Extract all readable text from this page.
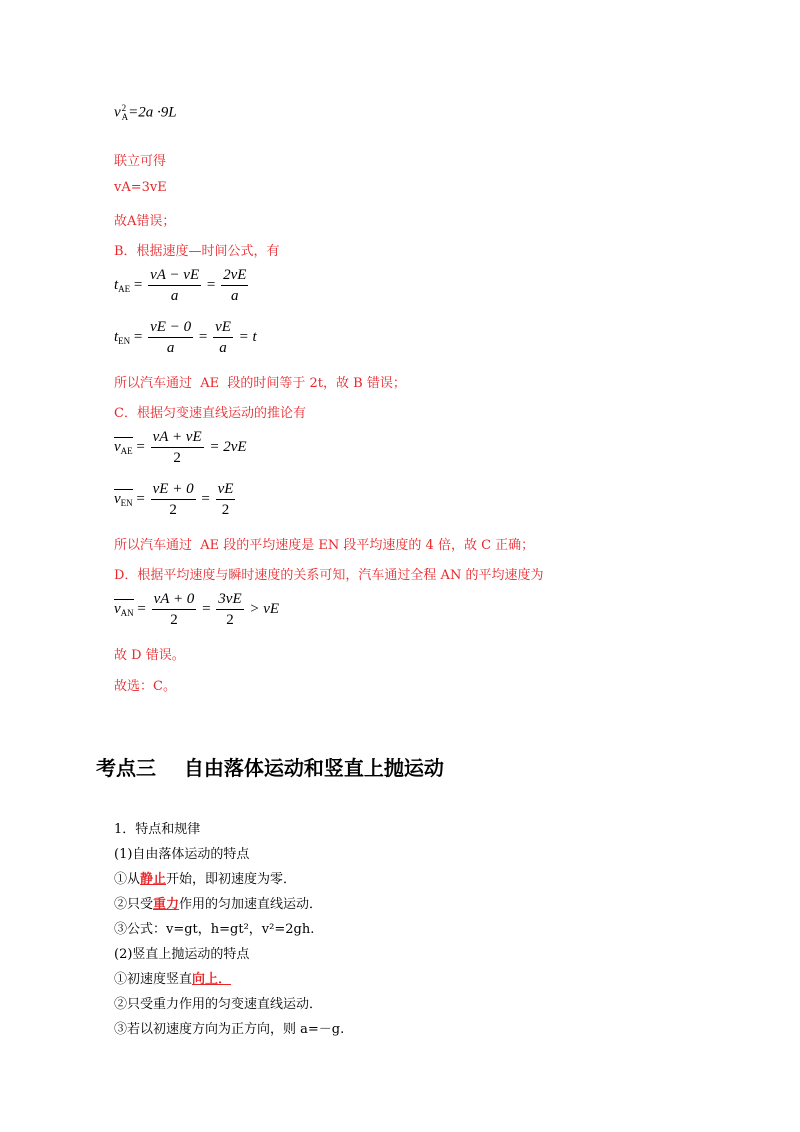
v 2
A =2a ·9L
联立可得
vA=3vE
故A错误；
B．根据速度—时间公式，有
$t_{AE} = \frac{vA - vE}{a} = \frac{2vE}{a}$
$t_{EN} = \frac{vE - 0}{a} = \frac{vE}{a} = t$
所以汽车通过  AE  段的时间等于 2t，故 B 错误；
C．根据匀变速直线运动的推论有
$v_{AE} = \frac{vA + vE}{2} = 2vE$
$v_{EN} = \frac{vE + 0}{2} = \frac{vE}{2}$
所以汽车通过  AE 段的平均速度是 EN 段平均速度的 4 倍，故 C 正确；
D．根据平均速度与瞬时速度的关系可知，汽车通过全程 AN 的平均速度为
$v_{AN} = \frac{vA + 0}{2} = \frac{3vE}{2}$ > vE
故 D 错误。
故选：C。
考点三    自由落体运动和竖直上抛运动
1．特点和规律
(1)自由落体运动的特点
①从静止开始，即初速度为零．
②只受重力作用的匀加速直线运动．
③公式：v=gt，h=gt²，v²=2gh.
(2)竖直上抛运动的特点
①初速度竖直向上．
②只受重力作用的匀变速直线运动．
③若以初速度方向为正方向，则 a=－g.
